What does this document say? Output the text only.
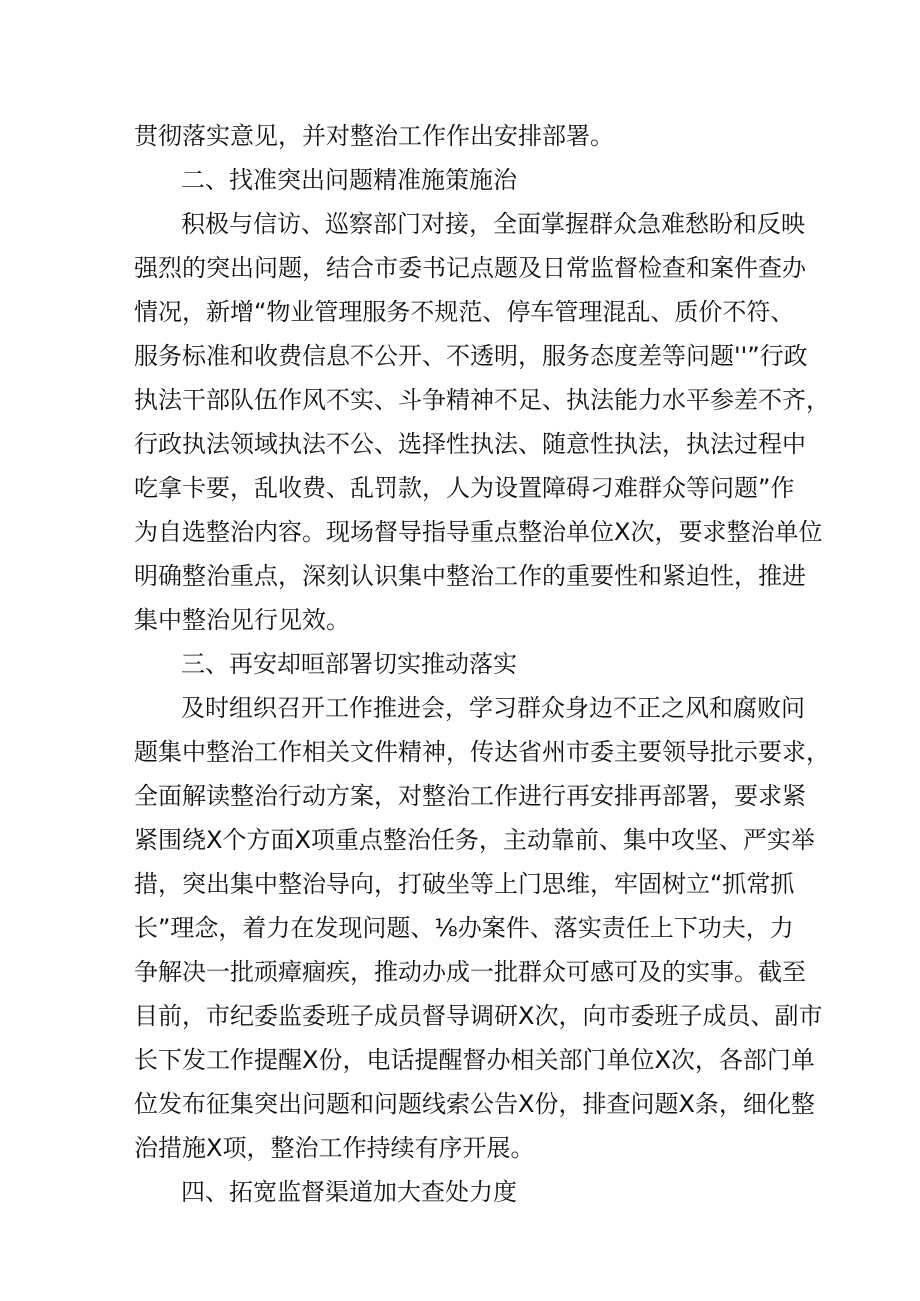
贯彻落实意见，并对整治工作作出安排部署。
二、找准突出问题精准施策施治
积极与信访、巡察部门对接，全面掌握群众急难愁盼和反映
强烈的突出问题，结合市委书记点题及日常监督检查和案件查办
情况，新增“物业管理服务不规范、停车管理混乱、质价不符、
服务标准和收费信息不公开、不透明，服务态度差等问题''”行政
执法干部队伍作风不实、斗争精神不足、执法能力水平参差不齐，
行政执法领域执法不公、选择性执法、随意性执法，执法过程中
吃拿卡要，乱收费、乱罚款，人为设置障碍刁难群众等问题”作
为自选整治内容。现场督导指导重点整治单位X次，要求整治单位
明确整治重点，深刻认识集中整治工作的重要性和紧迫性，推进
集中整治见行见效。
三、再安却晅部署切实推动落实
及时组织召开工作推进会，学习群众身边不正之风和腐败问
题集中整治工作相关文件精神，传达省州市委主要领导批示要求，
全面解读整治行动方案，对整治工作进行再安排再部署，要求紧
紧围绕X个方面X项重点整治任务，主动靠前、集中攻坚、严实举
措，突出集中整治导向，打破坐等上门思维，牢固树立“抓常抓
长”理念，着力在发现问题、⅛办案件、落实责任上下功夫，力
争解决一批顽瘴痼疾，推动办成一批群众可感可及的实事。截至
目前，市纪委监委班子成员督导调研X次，向市委班子成员、副市
长下发工作提醒X份，电话提醒督办相关部门单位X次，各部门单
位发布征集突出问题和问题线索公告X份，排查问题X条，细化整
治措施X项，整治工作持续有序开展。
四、拓宽监督渠道加大查处力度
